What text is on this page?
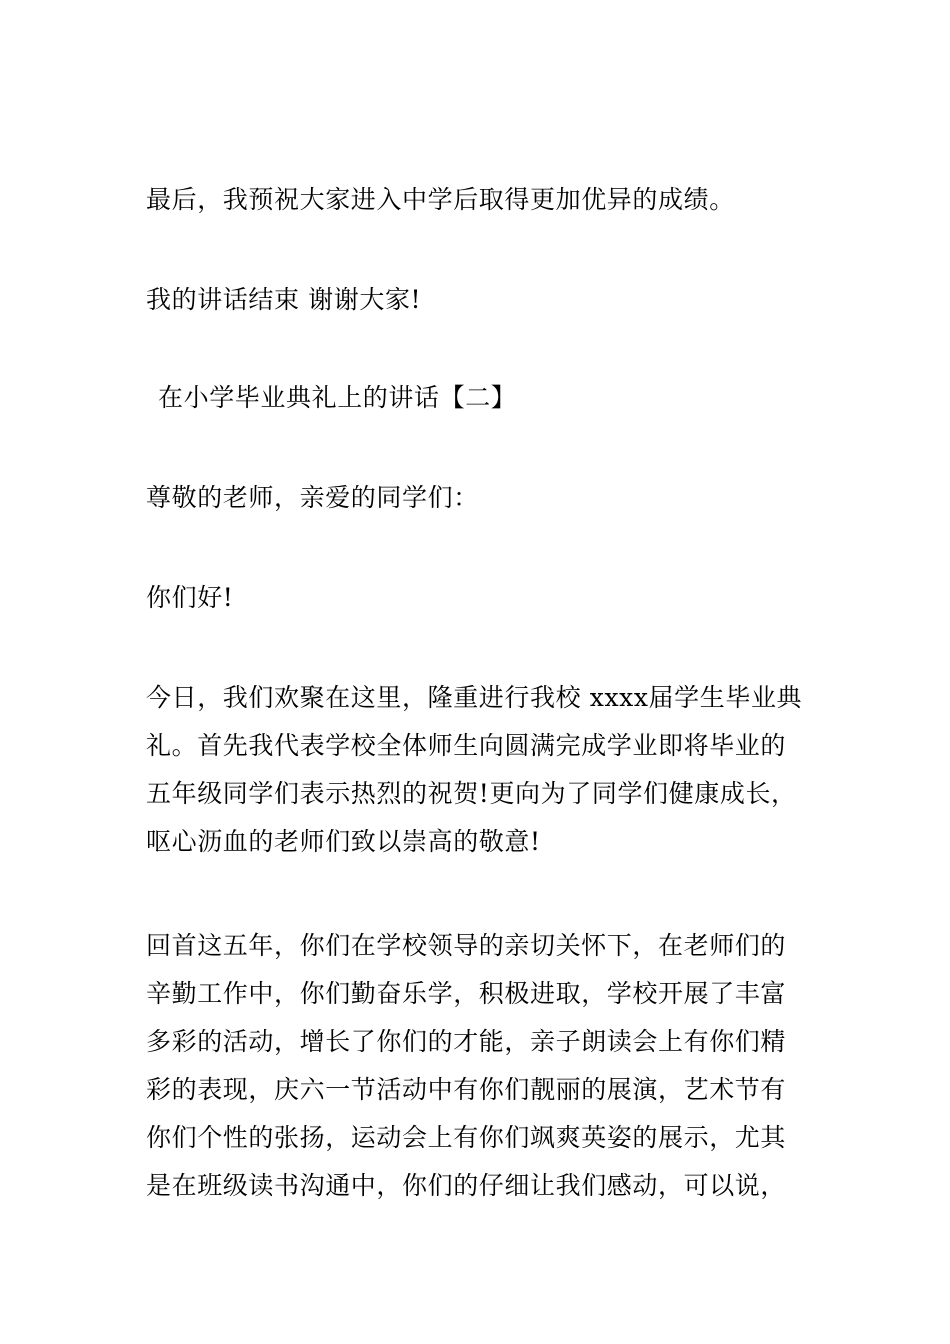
最后，我预祝大家进入中学后取得更加优异的成绩。
我的讲话结束 谢谢大家!
在小学毕业典礼上的讲话【二】
尊敬的老师，亲爱的同学们：
你们好!
今日，我们欢聚在这里，隆重进行我校 xxxx届学生毕业典
礼。首先我代表学校全体师生向圆满完成学业即将毕业的
五年级同学们表示热烈的祝贺!更向为了同学们健康成长，
呕心沥血的老师们致以崇高的敬意!
回首这五年，你们在学校领导的亲切关怀下，在老师们的
辛勤工作中，你们勤奋乐学，积极进取，学校开展了丰富
多彩的活动，增长了你们的才能，亲子朗读会上有你们精
彩的表现，庆六一节活动中有你们靓丽的展演，艺术节有
你们个性的张扬，运动会上有你们飒爽英姿的展示，尤其
是在班级读书沟通中，你们的仔细让我们感动，可以说，
